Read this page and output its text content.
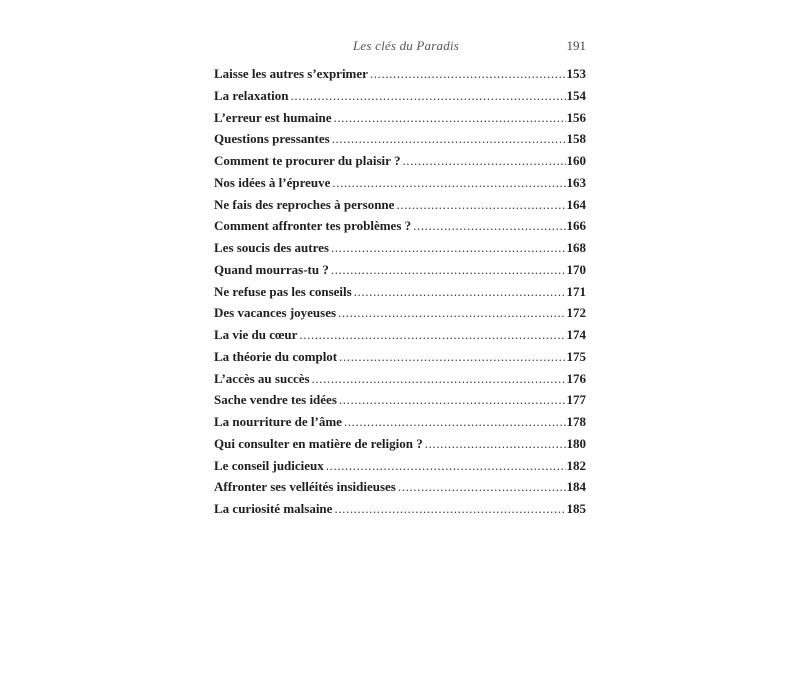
Les clés du Paradis	191
Laisse les autres s’exprimer .....	153
La relaxation .....	154
L’erreur est humaine .....	156
Questions pressantes .....	158
Comment te procurer du plaisir ? .....	160
Nos idées à l’épreuve .....	163
Ne fais des reproches à personne .....	164
Comment affronter tes problèmes ? .....	166
Les soucis des autres .....	168
Quand mourras-tu ? .....	170
Ne refuse pas les conseils .....	171
Des vacances joyeuses .....	172
La vie du cœur .....	174
La théorie du complot .....	175
L’accès au succès .....	176
Sache vendre tes idées .....	177
La nourriture de l’âme .....	178
Qui consulter en matière de religion ? .....	180
Le conseil judicieux .....	182
Affronter ses velléités insidieuses .....	184
La curiosité malsaine .....	185
